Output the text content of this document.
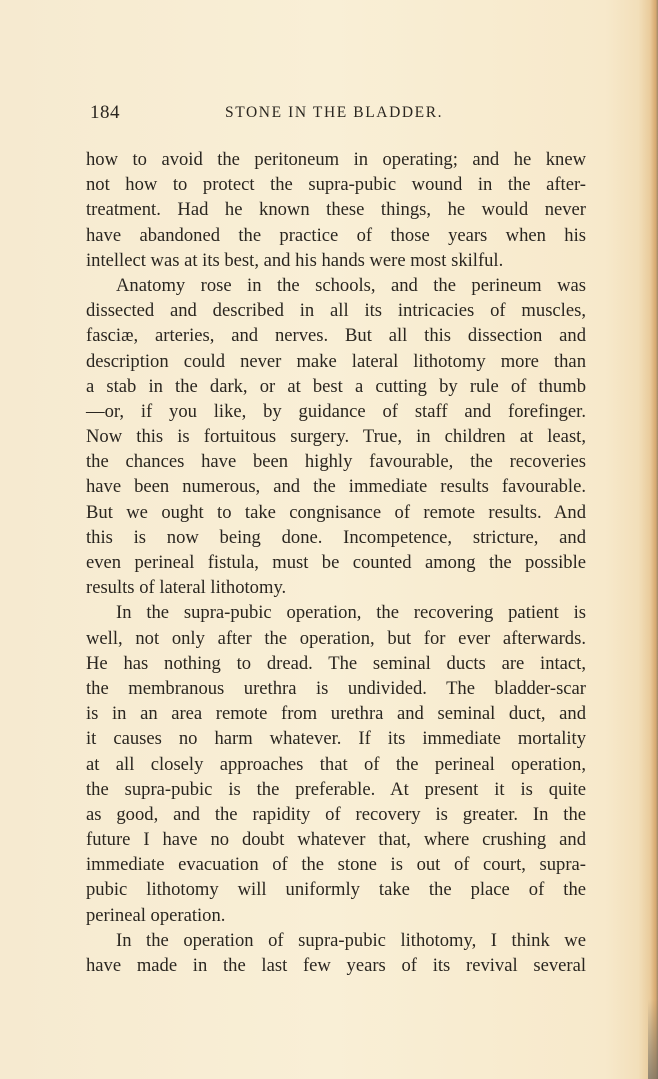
184	STONE IN THE BLADDER.
how to avoid the peritoneum in operating; and he knew
not how to protect the supra-pubic wound in the after-
treatment. Had he known these things, he would never
have abandoned the practice of those years when his
intellect was at its best, and his hands were most skilful.
Anatomy rose in the schools, and the perineum was
dissected and described in all its intricacies of muscles,
fasciæ, arteries, and nerves. But all this dissection and
description could never make lateral lithotomy more than
a stab in the dark, or at best a cutting by rule of thumb
—or, if you like, by guidance of staff and forefinger.
Now this is fortuitous surgery. True, in children at least,
the chances have been highly favourable, the recoveries
have been numerous, and the immediate results favourable.
But we ought to take congnisance of remote results. And
this is now being done. Incompetence, stricture, and
even perineal fistula, must be counted among the possible
results of lateral lithotomy.
In the supra-pubic operation, the recovering patient is
well, not only after the operation, but for ever afterwards.
He has nothing to dread. The seminal ducts are intact,
the membranous urethra is undivided. The bladder-scar
is in an area remote from urethra and seminal duct, and
it causes no harm whatever. If its immediate mortality
at all closely approaches that of the perineal operation,
the supra-pubic is the preferable. At present it is quite
as good, and the rapidity of recovery is greater. In the
future I have no doubt whatever that, where crushing and
immediate evacuation of the stone is out of court, supra-
pubic lithotomy will uniformly take the place of the
perineal operation.
In the operation of supra-pubic lithotomy, I think we
have made in the last few years of its revival several
